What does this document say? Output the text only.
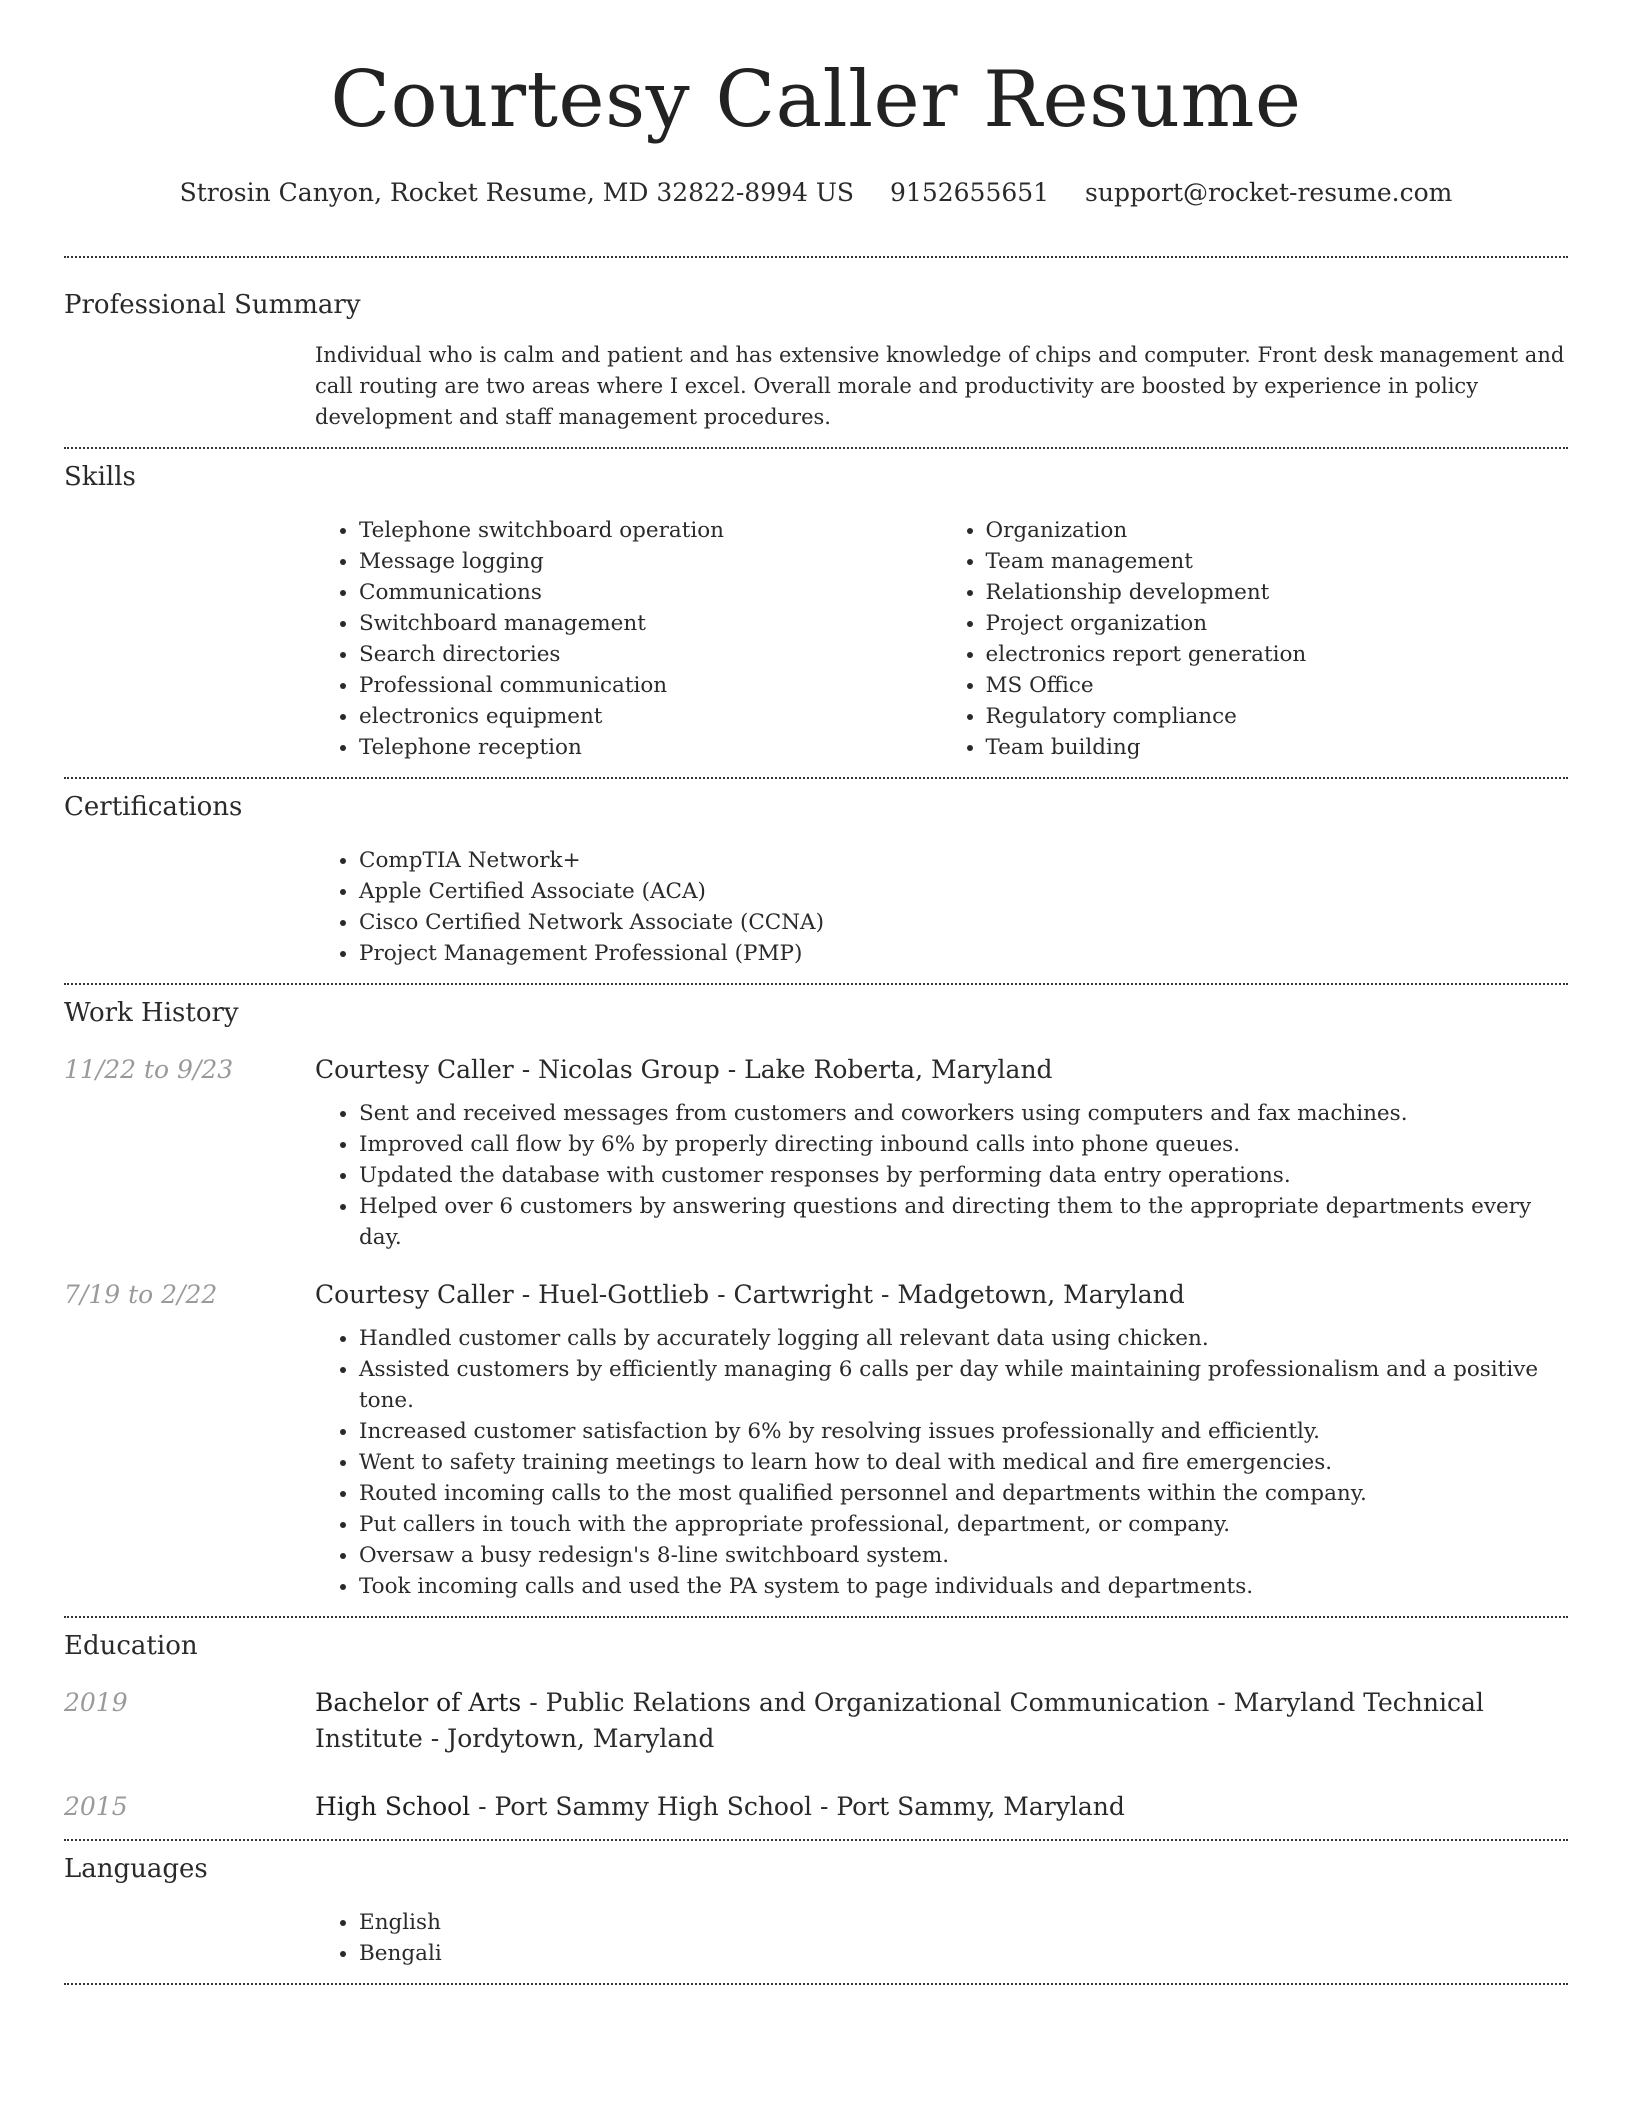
Courtesy Caller Resume
Strosin Canyon, Rocket Resume, MD 32822-8994 US 9152655651 support@rocket-resume.com
Professional Summary
Individual who is calm and patient and has extensive knowledge of chips and computer. Front desk management and call routing are two areas where I excel. Overall morale and productivity are boosted by experience in policy development and staff management procedures.
Skills
• Telephone switchboard operation
• Message logging
• Communications
• Switchboard management
• Search directories
• Professional communication
• electronics equipment
• Telephone reception
• Organization
• Team management
• Relationship development
• Project organization
• electronics report generation
• MS Office
• Regulatory compliance
• Team building
Certifications
• CompTIA Network+
• Apple Certified Associate (ACA)
• Cisco Certified Network Associate (CCNA)
• Project Management Professional (PMP)
Work History
11/22 to 9/23	Courtesy Caller - Nicolas Group - Lake Roberta, Maryland
• Sent and received messages from customers and coworkers using computers and fax machines.
• Improved call flow by 6% by properly directing inbound calls into phone queues.
• Updated the database with customer responses by performing data entry operations.
• Helped over 6 customers by answering questions and directing them to the appropriate departments every day.
7/19 to 2/22	Courtesy Caller - Huel-Gottlieb - Cartwright - Madgetown, Maryland
• Handled customer calls by accurately logging all relevant data using chicken.
• Assisted customers by efficiently managing 6 calls per day while maintaining professionalism and a positive tone.
• Increased customer satisfaction by 6% by resolving issues professionally and efficiently.
• Went to safety training meetings to learn how to deal with medical and fire emergencies.
• Routed incoming calls to the most qualified personnel and departments within the company.
• Put callers in touch with the appropriate professional, department, or company.
• Oversaw a busy redesign's 8-line switchboard system.
• Took incoming calls and used the PA system to page individuals and departments.
Education
2019	Bachelor of Arts - Public Relations and Organizational Communication - Maryland Technical Institute - Jordytown, Maryland
2015	High School - Port Sammy High School - Port Sammy, Maryland
Languages
• English
• Bengali
